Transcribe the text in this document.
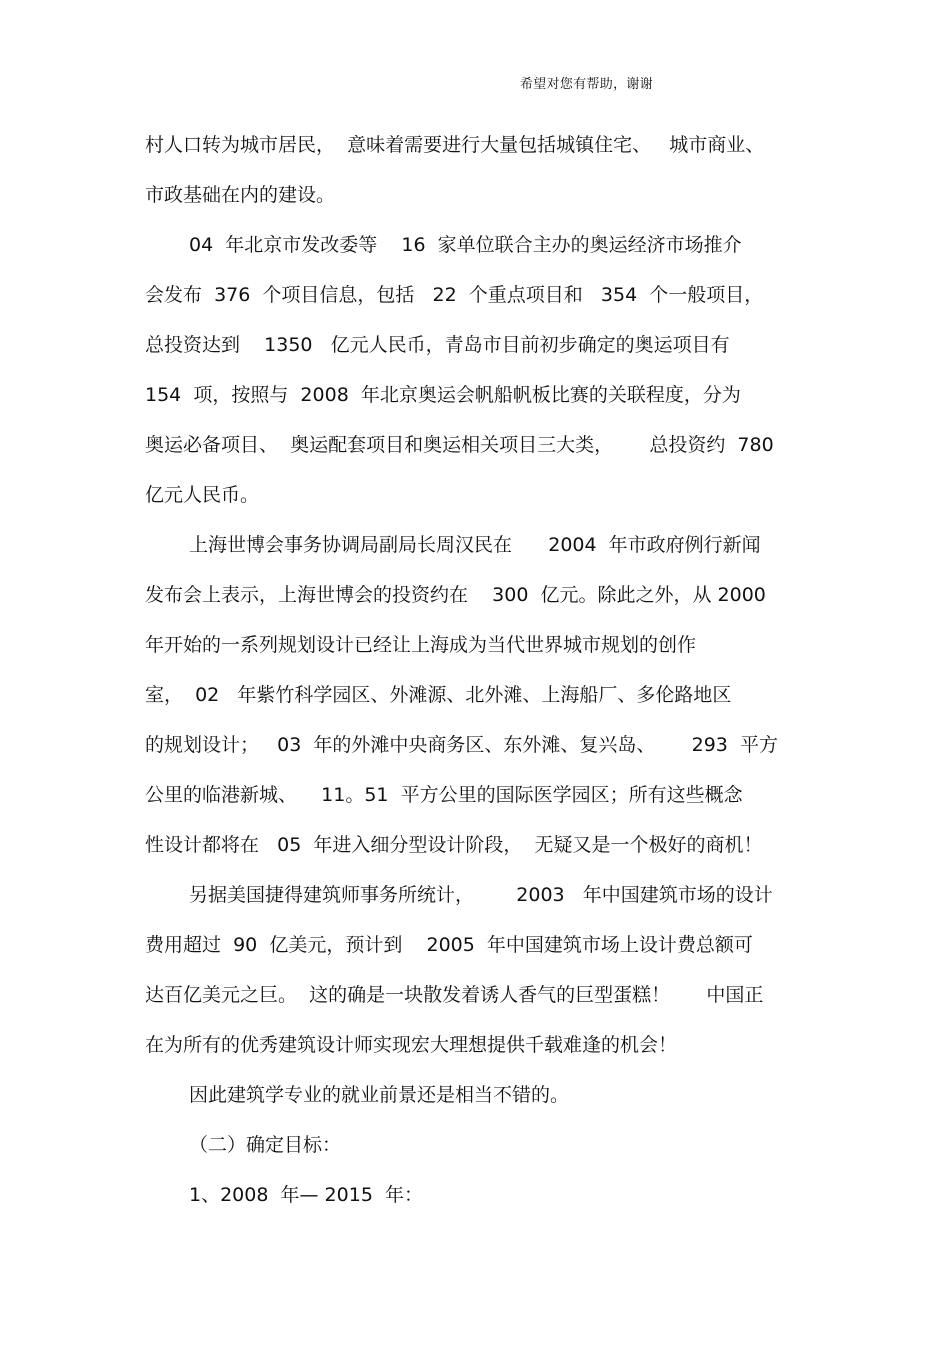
希望对您有帮助，谢谢
村人口转为城市居民，  意味着需要进行大量包括城镇住宅、   城市商业、
市政基础在内的建设。
04  年北京市发改委等    16  家单位联合主办的奥运经济市场推介
会发布  376  个项目信息，包括   22  个重点项目和   354  个一般项目，
总投资达到    1350   亿元人民币，青岛市目前初步确定的奥运项目有
154  项，按照与  2008  年北京奥运会帆船帆板比赛的关联程度，分为
奥运必备项目、  奥运配套项目和奥运相关项目三大类，      总投资约  780
亿元人民币。
上海世博会事务协调局副局长周汉民在      2004  年市政府例行新闻
发布会上表示，上海世博会的投资约在    300  亿元。除此之外，从 2000
年开始的一系列规划设计已经让上海成为当代世界城市规划的创作
室，  02   年紫竹科学园区、外滩源、北外滩、上海船厂、多伦路地区
的规划设计；   03  年的外滩中央商务区、东外滩、复兴岛、      293  平方
公里的临港新城、    11。51  平方公里的国际医学园区；所有这些概念
性设计都将在   05  年进入细分型设计阶段，  无疑又是一个极好的商机！
另据美国捷得建筑师事务所统计，       2003   年中国建筑市场的设计
费用超过  90  亿美元，预计到    2005  年中国建筑市场上设计费总额可
达百亿美元之巨。  这的确是一块散发着诱人香气的巨型蛋糕！      中国正
在为所有的优秀建筑设计师实现宏大理想提供千载难逢的机会！
因此建筑学专业的就业前景还是相当不错的。
（二）确定目标：
1、2008  年— 2015  年：
